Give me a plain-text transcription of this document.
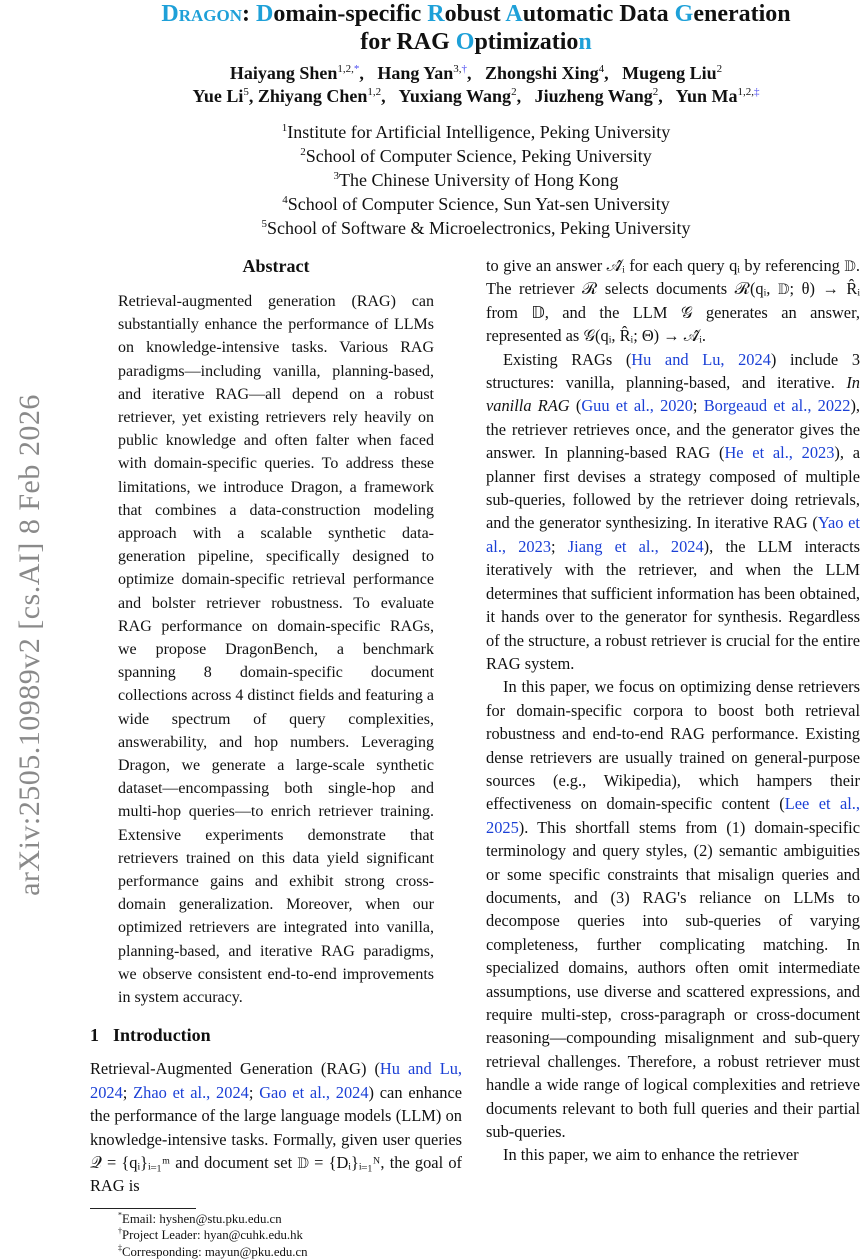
arXiv:2505.10989v2 [cs.AI] 8 Feb 2026
Dragon: Domain-specific Robust Automatic Data Generation
for RAG Optimization
Haiyang Shen$^{1,2,*}$,  Hang Yan$^{3,\dagger}$,  Zhongshi Xing$^4$,  Mugeng Liu$^2$
Yue Li$^5$, Zhiyang Chen$^{1,2}$,  Yuxiang Wang$^2$,  Jiuzheng Wang$^2$,  Yun $Ma^{1,2,\ddagger}$
$^1$Institute for Artificial Intelligence, Peking University
$^2$School of Computer Science, Peking University
$^3$The Chinese University of Hong Kong
$^4$School of Computer Science, Sun Yat-sen University
$^5$School of Software & Microelectronics, Peking University
Abstract
Retrieval-augmented generation (RAG) can substantially enhance the performance of LLMs on knowledge-intensive tasks. Various RAG paradigms—including vanilla, planning-based, and iterative RAG—all depend on a robust retriever, yet existing retrievers rely heavily on public knowledge and often falter when faced with domain-specific queries. To address these limitations, we introduce Dragon, a framework that combines a data-construction modeling approach with a scalable synthetic data-generation pipeline, specifically designed to optimize domain-specific retrieval performance and bolster retriever robustness. To evaluate RAG performance on domain-specific RAGs, we propose DragonBench, a benchmark spanning 8 domain-specific document collections across 4 distinct fields and featuring a wide spectrum of query complexities, answerability, and hop numbers. Leveraging Dragon, we generate a large-scale synthetic dataset—encompassing both single-hop and multi-hop queries—to enrich retriever training. Extensive experiments demonstrate that retrievers trained on this data yield significant performance gains and exhibit strong cross-domain generalization. Moreover, when our optimized retrievers are integrated into vanilla, planning-based, and iterative RAG paradigms, we observe consistent end-to-end improvements in system accuracy.
1 Introduction

Retrieval-Augmented Generation (RAG) (Hu and Lu, 2024; Zhao et al., 2024; Gao et al., 2024) can enhance the performance of the large language models (LLM) on knowledge-intensive tasks. Formally, given user queries 𝒬 = {qᵢ}ᵢ₌₁ᵐ and document set 𝔻 = {Dᵢ}ᵢ₌₁ᴺ, the goal of RAG is

*Email: hyshen@stu.pku.edu.cn
†Project Leader: hyan@cuhk.edu.hk
‡Corresponding: mayun@pku.edu.cn

to give an answer 𝒜̂ᵢ for each query qᵢ by referencing 𝔻. The retriever ℛ selects documents ℛ(qᵢ, 𝔻; θ) → R̂ᵢ from 𝔻, and the LLM 𝒢 generates an answer, represented as 𝒢(qᵢ, R̂ᵢ; Θ) → 𝒜̂ᵢ.

Existing RAGs (Hu and Lu, 2024) include 3 structures: vanilla, planning-based, and iterative. In vanilla RAG (Guu et al., 2020; Borgeaud et al., 2022), the retriever retrieves once, and the generator gives the answer. In planning-based RAG (He et al., 2023), a planner first devises a strategy composed of multiple sub-queries, followed by the retriever doing retrievals, and the generator synthesizing. In iterative RAG (Yao et al., 2023; Jiang et al., 2024), the LLM interacts iteratively with the retriever, and when the LLM determines that sufficient information has been obtained, it hands over to the generator for synthesis. Regardless of the structure, a robust retriever is crucial for the entire RAG system.

In this paper, we focus on optimizing dense retrievers for domain-specific corpora to boost both retrieval robustness and end-to-end RAG performance. Existing dense retrievers are usually trained on general-purpose sources (e.g., Wikipedia), which hampers their effectiveness on domain-specific content (Lee et al., 2025). This shortfall stems from (1) domain-specific terminology and query styles, (2) semantic ambiguities or some specific constraints that misalign queries and documents, and (3) RAG's reliance on LLMs to decompose queries into sub-queries of varying completeness, further complicating matching. In specialized domains, authors often omit intermediate assumptions, use diverse and scattered expressions, and require multi-step, cross-paragraph or cross-document reasoning—compounding misalignment and sub-query retrieval challenges. Therefore, a robust retriever must handle a wide range of logical complexities and retrieve documents relevant to both full queries and their partial sub-queries.

In this paper, we aim to enhance the retriever
